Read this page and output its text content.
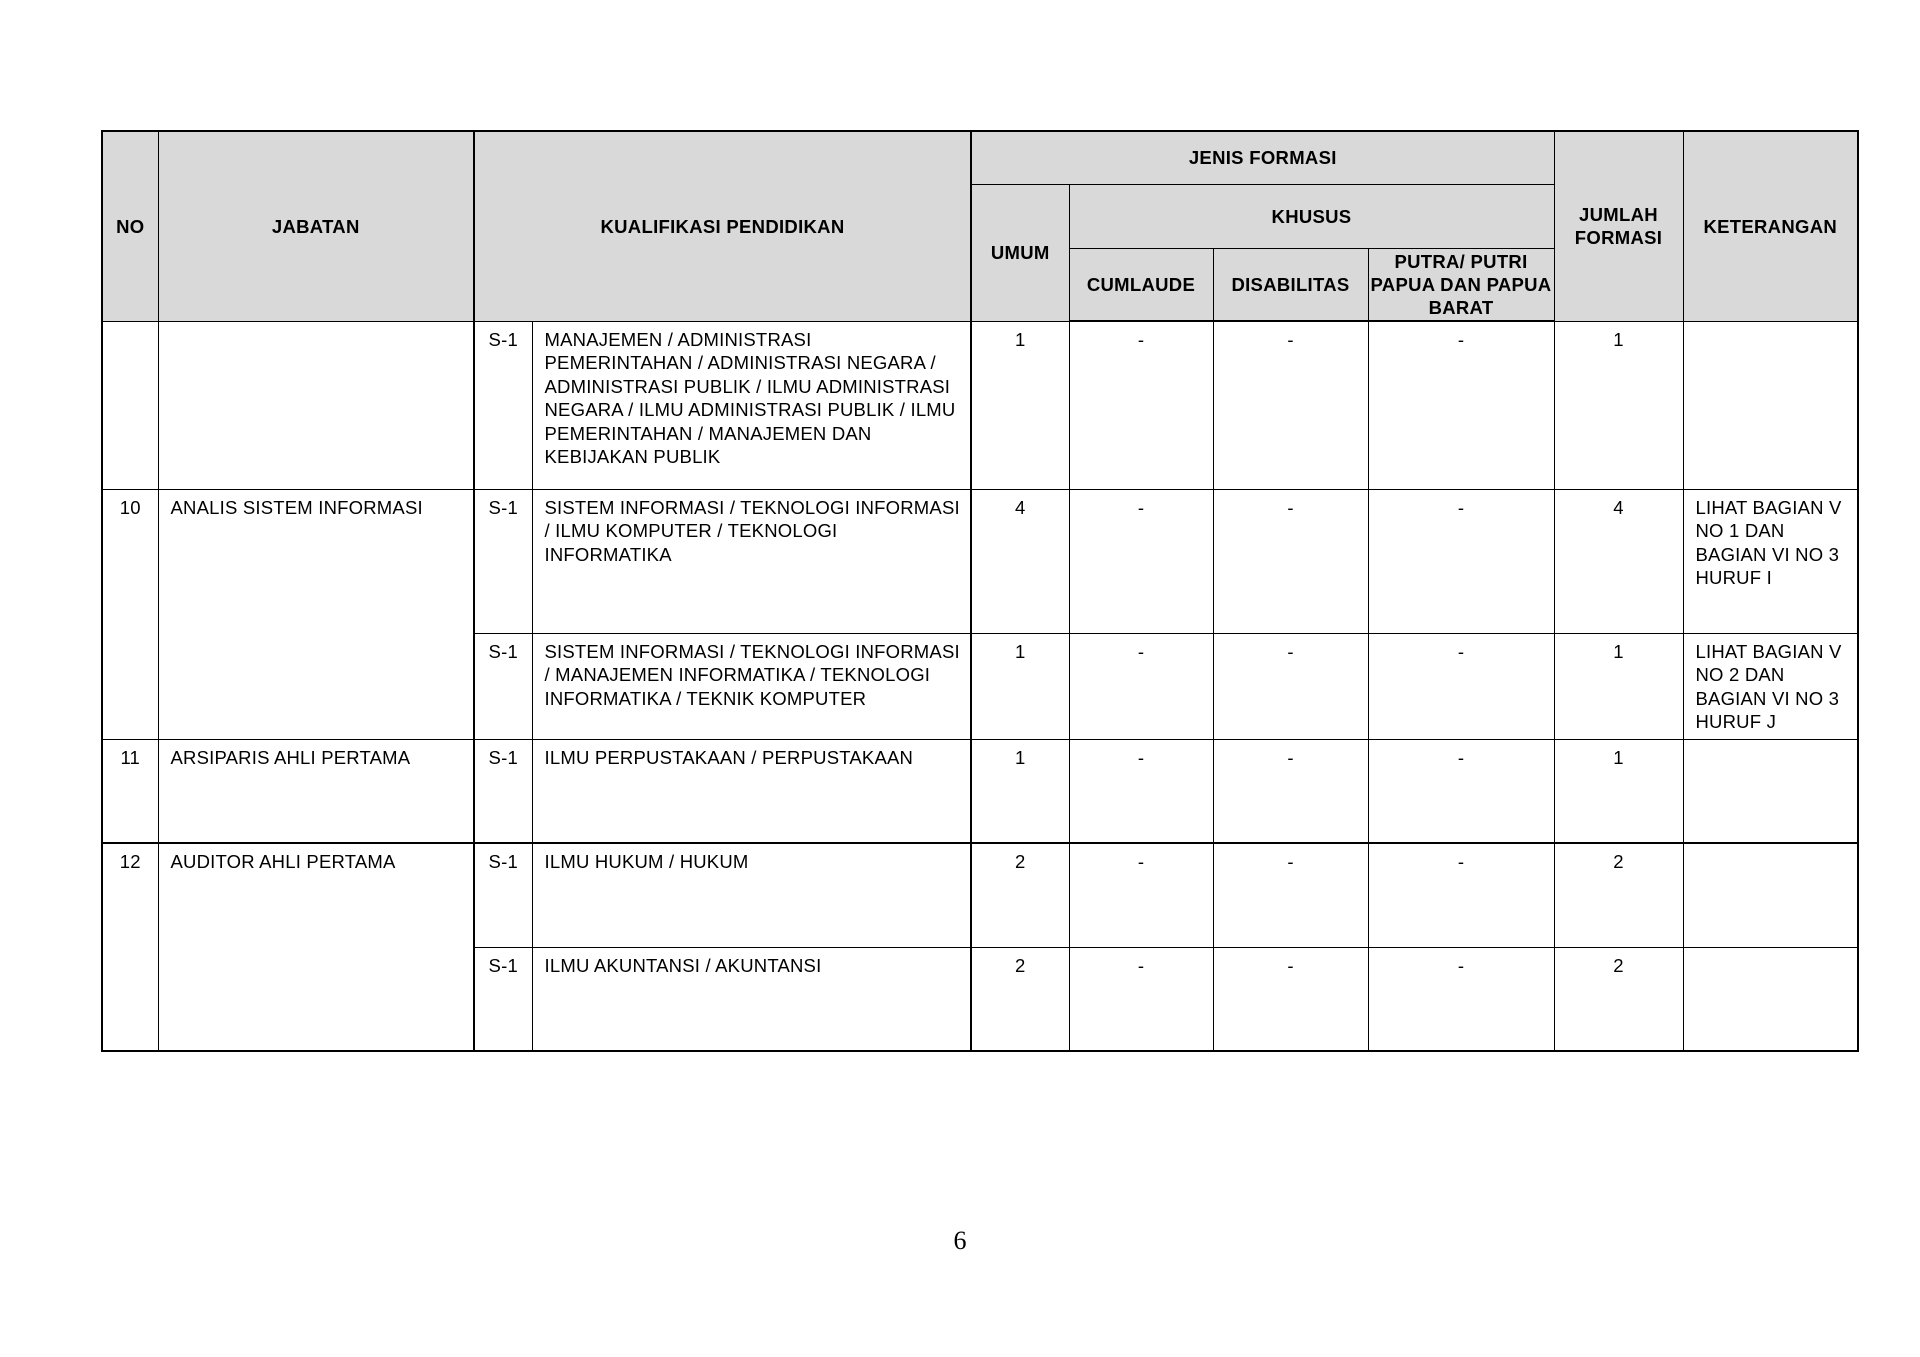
NO	JABATAN	KUALIFIKASI PENDIDIKAN		JENIS FORMASI				JUMLAH FORMASI	KETERANGAN
				UMUM	KHUSUS				
					CUMLAUDE	DISABILITAS	PUTRA/ PUTRI PAPUA DAN PAPUA BARAT		
		S-1	MANAJEMEN / ADMINISTRASI PEMERINTAHAN / ADMINISTRASI NEGARA / ADMINISTRASI PUBLIK / ILMU ADMINISTRASI NEGARA / ILMU ADMINISTRASI PUBLIK / ILMU PEMERINTAHAN / MANAJEMEN DAN KEBIJAKAN PUBLIK	1	-	-	-	1	
10	ANALIS SISTEM INFORMASI	S-1	SISTEM INFORMASI / TEKNOLOGI INFORMASI / ILMU KOMPUTER / TEKNOLOGI INFORMATIKA	4	-	-	-	4	LIHAT BAGIAN V NO 1 DAN BAGIAN VI NO 3 HURUF I
		S-1	SISTEM INFORMASI / TEKNOLOGI INFORMASI / MANAJEMEN INFORMATIKA / TEKNOLOGI INFORMATIKA / TEKNIK KOMPUTER	1	-	-	-	1	LIHAT BAGIAN V NO 2 DAN BAGIAN VI NO 3 HURUF J
11	ARSIPARIS AHLI PERTAMA	S-1	ILMU PERPUSTAKAAN / PERPUSTAKAAN	1	-	-	-	1	
12	AUDITOR AHLI PERTAMA	S-1	ILMU HUKUM / HUKUM	2	-	-	-	2	
		S-1	ILMU AKUNTANSI / AKUNTANSI	2	-	-	-	2	
6
